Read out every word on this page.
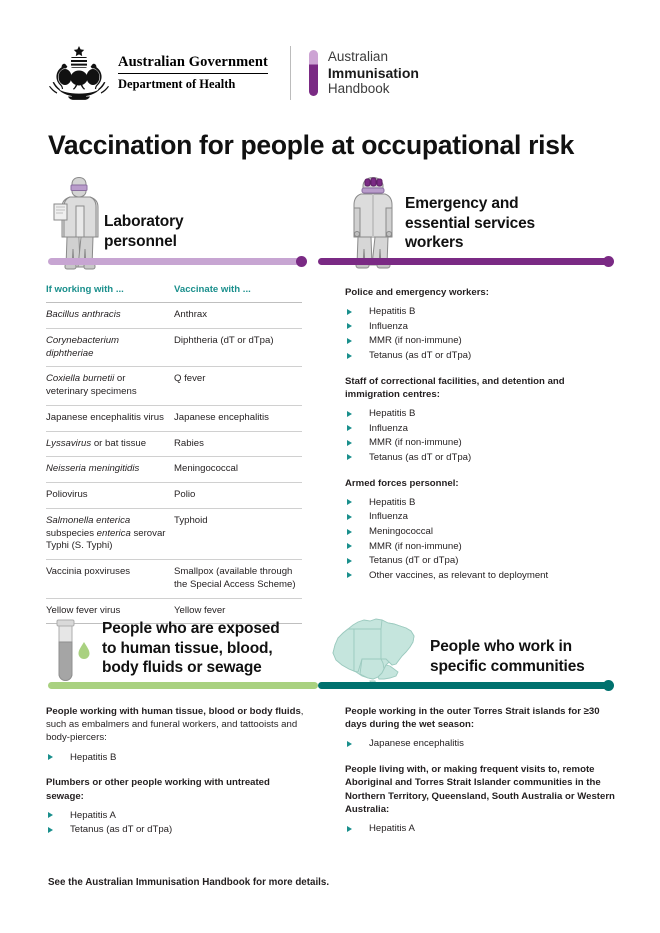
Australian Government
Department of Health
Australian
Immunisation
Handbook
Vaccination for people at occupational risk
Laboratory
personnel
Emergency and
essential services
workers
If working with ...	Vaccinate with ...
Bacillus anthracis	Anthrax
Corynebacterium diphtheriae	Diphtheria (dT or dTpa)
Coxiella burnetii or veterinary specimens	Q fever
Japanese encephalitis virus	Japanese encephalitis
Lyssavirus or bat tissue	Rabies
Neisseria meningitidis	Meningococcal
Poliovirus	Polio
Salmonella enterica subspecies enterica serovar Typhi (S. Typhi)	Typhoid
Vaccinia poxviruses	Smallpox (available through the Special Access Scheme)
Yellow fever virus	Yellow fever
Police and emergency workers:
Hepatitis B
Influenza
MMR (if non-immune)
Tetanus (as dT or dTpa)
Staff of correctional facilities, and detention and immigration centres:
Hepatitis B
Influenza
MMR (if non-immune)
Tetanus (as dT or dTpa)
Armed forces personnel:
Hepatitis B
Influenza
Meningococcal
MMR (if non-immune)
Tetanus (dT or dTpa)
Other vaccines, as relevant to deployment
People who are exposed
to human tissue, blood,
body fluids or sewage
People who work in
specific communities
People working with human tissue, blood or body fluids, such as embalmers and funeral workers, and tattooists and body-piercers:
Hepatitis B
Plumbers or other people working with untreated sewage:
Hepatitis A
Tetanus (as dT or dTpa)
People working in the outer Torres Strait islands for ≥30 days during the wet season:
Japanese encephalitis
People living with, or making frequent visits to, remote Aboriginal and Torres Strait Islander communities in the Northern Territory, Queensland, South Australia or Western Australia:
Hepatitis A
See the Australian Immunisation Handbook for more details.
